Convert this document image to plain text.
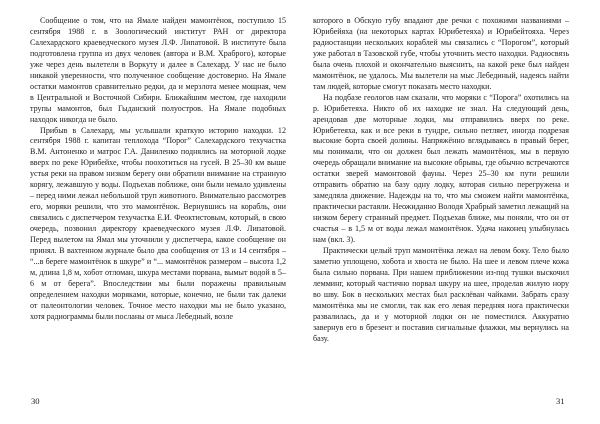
Сообщение о том, что на Ямале найден мамонтёнок, поступило 15 сентября 1988 г. в Зоологический институт РАН от директора Салехардского краеведческого музея Л.Ф. Липатовой. В институте была подготовлена группа из двух человек (автора и В.М. Храброго), которые уже через день вылетели в Воркуту и далее в Салехард. У нас не было никакой уверенности, что полученное сообщение достоверно. На Ямале остатки мамонтов сравнительно редки, да и мерзлота менее мощная, чем в Центральной и Восточной Сибири. Ближайшим местом, где находили трупы мамонтов, был Гыданский полуостров. На Ямале подобных находок никогда не было.

Прибыв в Салехард, мы услышали краткую историю находки. 12 сентября 1988 г. капитан теплохода “Порог” Салехардского техучастка В.М. Антоненко и матрос Г.А. Даниленко поднялись на моторной лодке вверх по реке Юрибейхе, чтобы поохотиться на гусей. В 25–30 км выше устья реки на правом низком берегу они обратили внимание на странную корягу, лежавшую у воды. Подъехав поближе, они были немало удивлены – перед ними лежал небольшой труп животного. Внимательно рассмотрев его, моряки решили, что это мамонтёнок. Вернувшись на корабль, они связались с диспетчером техучастка Е.И. Феоктистовым, который, в свою очередь, позвонил директору краеведческого музея Л.Ф. Липатовой. Перед вылетом на Ямал мы уточнили у диспетчера, какое сообщение он принял. В вахтенном журнале было два сообщения от 13 и 14 сентября – “...в береге мамонтёнок в шкуре” и “... мамонтёнок размером – высота 1,2 м, длина 1,8 м, хобот отломан, шкура местами порвана, вымыт водой в 5–6 м от берега”. Впоследствии мы были поражены правильным определением находки моряками, которые, конечно, не были так далеки от палеонтологии человек. Точное место находки мы не было указано, хотя радиограммы были посланы от мыса Лебедный, возле

которого в Обскую губу впадают две речки с похожими названиями – Юрибейяха (на некоторых картах Юрибетеяха) и Юрибейтояха. Через радиостанции нескольких кораблей мы связались с “Порогом”, который уже работал в Тазовской губе, чтобы уточнить место находки. Радиосвязь была очень плохой и окончательно выяснить, на какой реке был найден мамонтёнок, не удалось. Мы вылетели на мыс Лебединый, надеясь найти там людей, которые смогут показать место находки.

На подбазе геологов нам сказали, что моряки с “Порога” охотились на р. Юрибетеяха. Никто об их находке не знал. На следующий день, арендовав две моторные лодки, мы отправились вверх по реке. Юрибетеяха, как и все реки в тундре, сильно петляет, иногда подрезая высокие борта своей долины. Напряжённо вглядываясь в правый берег, мы понимали, что он должен был лежать мамонтёнок, мы в первую очередь обращали внимание на высокие обрывы, где обычно встречаются остатки зверей мамонтовой фауны. Через 25–30 км пути решили отправить обратно на базу одну лодку, которая сильно перегружена и замедляла движение. Надежды на то, что мы сможем найти мамонтёнка, практически растаяли. Неожиданно Володя Храбрый заметил лежащий на низком берегу странный предмет. Подъехав ближе, мы поняли, что он от счастья – в 1,5 м от воды лежал мамонтёнок. Удача наконец улыбнулась нам (вкл. 3).

Практически целый труп мамонтёнка лежал на левом боку. Тело было заметно уплощено, хобота и хвоста не было. На шее и левом плече кожа была сильно порвана. При нашем приближении из-под тушки выскочил лемминг, который частично порвал шкуру на шее, проделав жилую нору во шву. Бок в нескольких местах был расклёван чайками. Забрать сразу мамонтёнка мы не смогли, так как его левая передняя нога практически развалилась, да и у моторной лодки он не поместился. Аккуратно завернув его в брезент и поставив сигнальные флажки, мы вернулись на базу.

30	31
